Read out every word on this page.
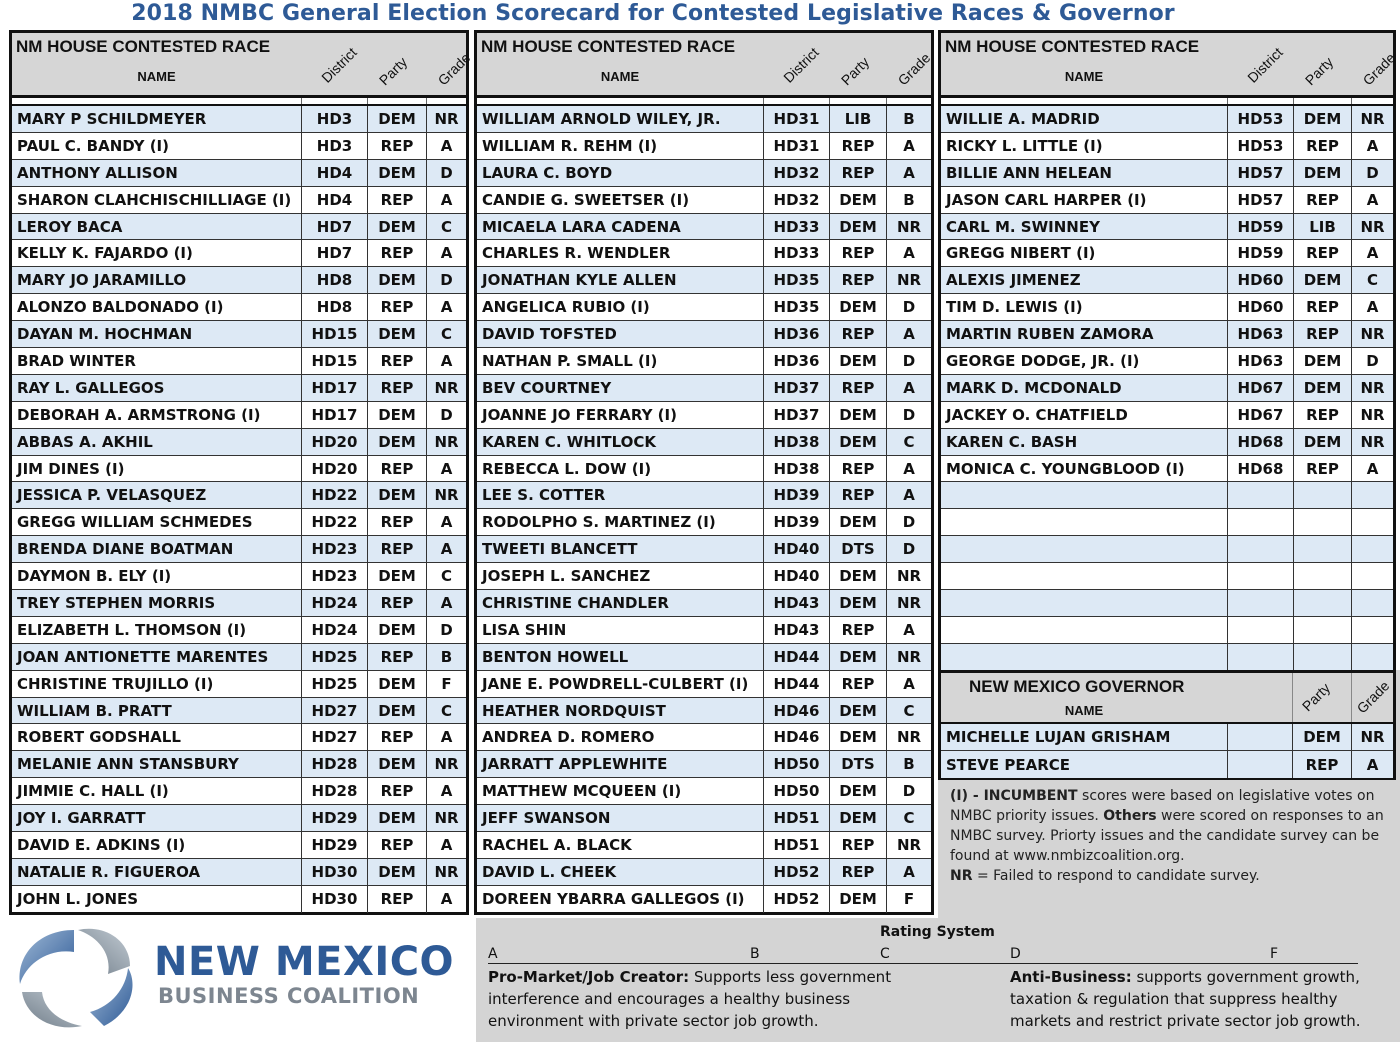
2018 NMBC General Election Scorecard for Contested Legislative Races & Governor
NM HOUSE CONTESTED RACE
NAME	District	Party	Grade
MARY P SCHILDMEYER	HD3	DEM	NR
PAUL C. BANDY (I)	HD3	REP	A
ANTHONY ALLISON	HD4	DEM	D
SHARON CLAHCHISCHILLIAGE (I)	HD4	REP	A
LEROY BACA	HD7	DEM	C
KELLY K. FAJARDO (I)	HD7	REP	A
MARY JO JARAMILLO	HD8	DEM	D
ALONZO BALDONADO (I)	HD8	REP	A
DAYAN M. HOCHMAN	HD15	DEM	C
BRAD WINTER	HD15	REP	A
RAY L. GALLEGOS	HD17	REP	NR
DEBORAH A. ARMSTRONG (I)	HD17	DEM	D
ABBAS A. AKHIL	HD20	DEM	NR
JIM DINES (I)	HD20	REP	A
JESSICA P. VELASQUEZ	HD22	DEM	NR
GREGG WILLIAM SCHMEDES	HD22	REP	A
BRENDA DIANE BOATMAN	HD23	REP	A
DAYMON B. ELY (I)	HD23	DEM	C
TREY STEPHEN MORRIS	HD24	REP	A
ELIZABETH L. THOMSON (I)	HD24	DEM	D
JOAN ANTIONETTE MARENTES	HD25	REP	B
CHRISTINE TRUJILLO (I)	HD25	DEM	F
WILLIAM B. PRATT	HD27	DEM	C
ROBERT GODSHALL	HD27	REP	A
MELANIE ANN STANSBURY	HD28	DEM	NR
JIMMIE C. HALL (I)	HD28	REP	A
JOY I. GARRATT	HD29	DEM	NR
DAVID E. ADKINS (I)	HD29	REP	A
NATALIE R. FIGUEROA	HD30	DEM	NR
JOHN L. JONES	HD30	REP	A
NM HOUSE CONTESTED RACE
NAME	District	Party	Grade
WILLIAM ARNOLD WILEY, JR.	HD31	LIB	B
WILLIAM R. REHM (I)	HD31	REP	A
LAURA C. BOYD	HD32	REP	A
CANDIE G. SWEETSER (I)	HD32	DEM	B
MICAELA LARA CADENA	HD33	DEM	NR
CHARLES R. WENDLER	HD33	REP	A
JONATHAN KYLE ALLEN	HD35	REP	NR
ANGELICA RUBIO (I)	HD35	DEM	D
DAVID TOFSTED	HD36	REP	A
NATHAN P. SMALL (I)	HD36	DEM	D
BEV COURTNEY	HD37	REP	A
JOANNE JO FERRARY (I)	HD37	DEM	D
KAREN C. WHITLOCK	HD38	DEM	C
REBECCA L. DOW (I)	HD38	REP	A
LEE S. COTTER	HD39	REP	A
RODOLPHO S. MARTINEZ (I)	HD39	DEM	D
TWEETI BLANCETT	HD40	DTS	D
JOSEPH L. SANCHEZ	HD40	DEM	NR
CHRISTINE CHANDLER	HD43	DEM	NR
LISA SHIN	HD43	REP	A
BENTON HOWELL	HD44	DEM	NR
JANE E. POWDRELL-CULBERT (I)	HD44	REP	A
HEATHER NORDQUIST	HD46	DEM	C
ANDREA D. ROMERO	HD46	DEM	NR
JARRATT APPLEWHITE	HD50	DTS	B
MATTHEW MCQUEEN (I)	HD50	DEM	D
JEFF SWANSON	HD51	DEM	C
RACHEL A. BLACK	HD51	REP	NR
DAVID L. CHEEK	HD52	REP	A
DOREEN YBARRA GALLEGOS (I)	HD52	DEM	F
NM HOUSE CONTESTED RACE
NAME	District	Party	Grade
WILLIE A. MADRID	HD53	DEM	NR
RICKY L. LITTLE (I)	HD53	REP	A
BILLIE ANN HELEAN	HD57	DEM	D
JASON CARL HARPER (I)	HD57	REP	A
CARL M. SWINNEY	HD59	LIB	NR
GREGG NIBERT (I)	HD59	REP	A
ALEXIS JIMENEZ	HD60	DEM	C
TIM D. LEWIS (I)	HD60	REP	A
MARTIN RUBEN ZAMORA	HD63	REP	NR
GEORGE DODGE, JR. (I)	HD63	DEM	D
MARK D. MCDONALD	HD67	DEM	NR
JACKEY O. CHATFIELD	HD67	REP	NR
KAREN C. BASH	HD68	DEM	NR
MONICA C. YOUNGBLOOD (I)	HD68	REP	A
NEW MEXICO GOVERNOR
NAME	Party	Grade
MICHELLE LUJAN GRISHAM	DEM	NR
STEVE PEARCE	REP	A
(I) - INCUMBENT scores were based on legislative votes on NMBC priority issues. Others were scored on responses to an NMBC survey. Priorty issues and the candidate survey can be found at www.nmbizcoalition.org.
NR = Failed to respond to candidate survey.
NEW MEXICO
BUSINESS COALITION
Rating System
A	B	C	D	F
Pro-Market/Job Creator: Supports less government interference and encourages a healthy business environment with private sector job growth.
Anti-Business: supports government growth, taxation & regulation that suppress healthy markets and restrict private sector job growth.
